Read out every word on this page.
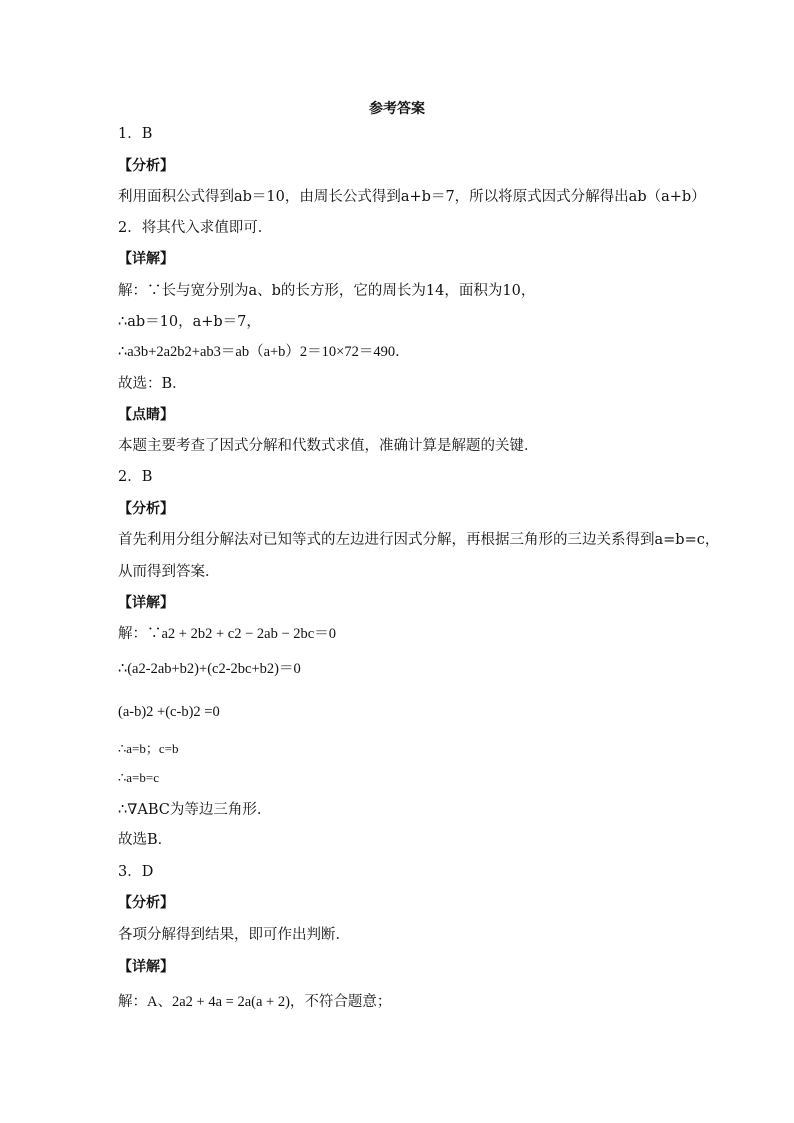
参考答案
1．B
【分析】
利用面积公式得到ab＝10，由周长公式得到a+b＝7，所以将原式因式分解得出ab（a+b）
2．将其代入求值即可．
【详解】
解：∵长与宽分别为a、b的长方形，它的周长为14，面积为10，
∴ab＝10，a+b＝7，
∴a3b+2a2b2+ab3＝ab（a+b）2＝10×72＝490．
故选：B．
【点睛】
本题主要考查了因式分解和代数式求值，准确计算是解题的关键．
2．B
【分析】
首先利用分组分解法对已知等式的左边进行因式分解，再根据三角形的三边关系得到a=b=c，
从而得到答案．
【详解】
解：∵a2 + 2b2 + c2 − 2ab − 2bc＝0
∴(a2-2ab+b2)+(c2-2bc+b2)＝0
(a-b)2 +(c-b)2 =0
∴a=b；c=b
∴a=b=c
∴∇ABC为等边三角形．
故选B．
3．D
【分析】
各项分解得到结果，即可作出判断．
【详解】
解：A、2a2 + 4a = 2a(a + 2)，不符合题意；
